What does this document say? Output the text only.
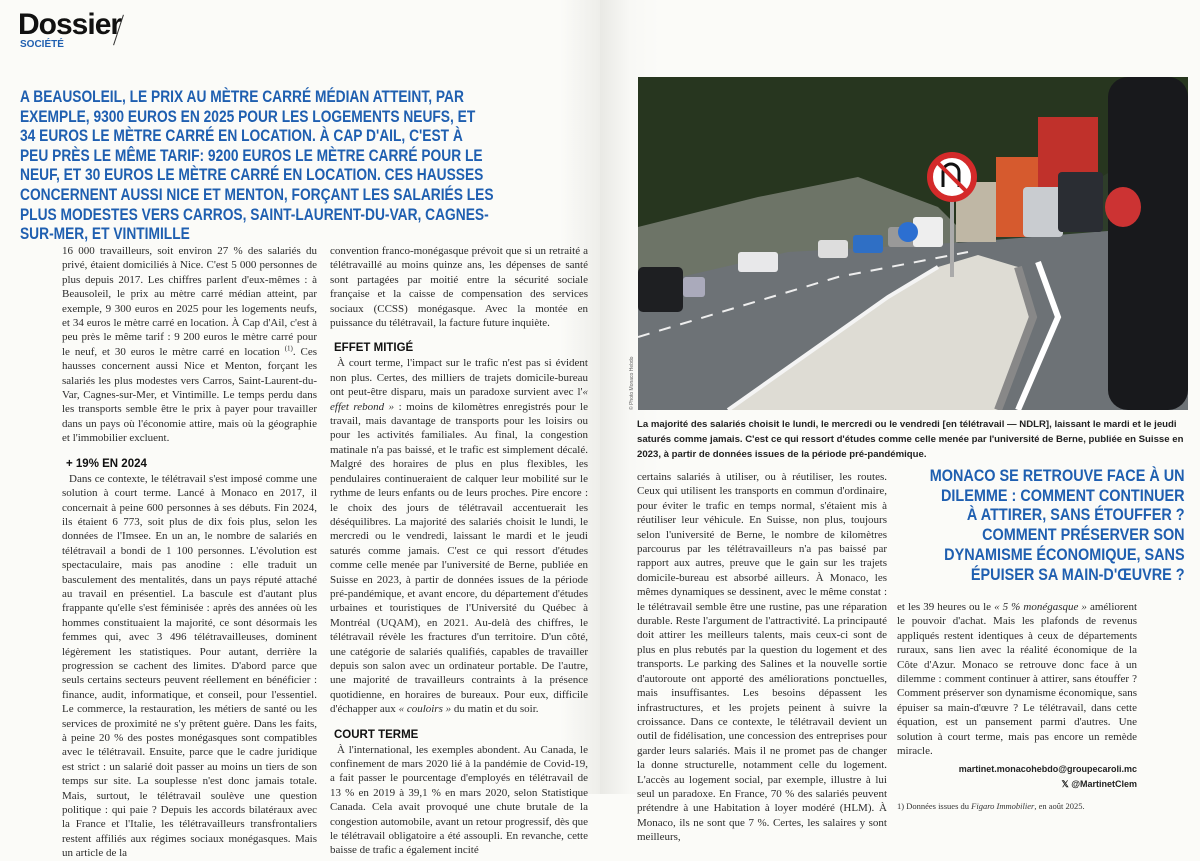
Dossier
SOCIÉTÉ
A BEAUSOLEIL, LE PRIX AU MÈTRE CARRÉ MÉDIAN ATTEINT, PAR
EXEMPLE, 9300 EUROS EN 2025 POUR LES LOGEMENTS NEUFS, ET
34 EUROS LE MÈTRE CARRÉ EN LOCATION. À CAP D'AIL, C'EST À
PEU PRÈS LE MÊME TARIF: 9200 EUROS LE MÈTRE CARRÉ POUR LE
NEUF, ET 30 EUROS LE MÈTRE CARRÉ EN LOCATION. CES HAUSSES
CONCERNENT AUSSI NICE ET MENTON, FORÇANT LES SALARIÉS LES
PLUS MODESTES VERS CARROS, SAINT-LAURENT-DU-VAR, CAGNES-
SUR-MER, ET VINTIMILLE

16 000 travailleurs, soit environ 27 % des salariés du privé, étaient domiciliés à Nice. C'est 5 000 personnes de plus depuis 2017. Les chiffres parlent d'eux-mêmes : à Beausoleil, le prix au mètre carré médian atteint, par exemple, 9 300 euros en 2025 pour les logements neufs, et 34 euros le mètre carré en location. À Cap d'Ail, c'est à peu près le même tarif : 9 200 euros le mètre carré pour le neuf, et 30 euros le mètre carré en location $^{(1)}$. Ces hausses concernent aussi Nice et Menton, forçant les salariés les plus modestes vers Carros, Saint-Laurent-du-Var, Cagnes-sur-Mer, et Vintimille. Le temps perdu dans les transports semble être le prix à payer pour travailler dans un pays où l'économie attire, mais où la géographie et l'immobilier excluent.

+ 19% EN 2024

Dans ce contexte, le télétravail s'est imposé comme une solution à court terme. Lancé à Monaco en 2017, il concernait à peine 600 personnes à ses débuts. Fin 2024, ils étaient 6 773, soit plus de dix fois plus, selon les données de l'Imsee. En un an, le nombre de salariés en télétravail a bondi de 1 100 personnes. L'évolution est spectaculaire, mais pas anodine : elle traduit un basculement des mentalités, dans un pays réputé attaché au travail en présentiel. La bascule est d'autant plus frappante qu'elle s'est féminisée : après des années où les hommes constituaient la majorité, ce sont désormais les femmes qui, avec 3 496 télétravailleuses, dominent légèrement les statistiques. Pour autant, derrière la progression se cachent des limites. D'abord parce que seuls certains secteurs peuvent réellement en bénéficier : finance, audit, informatique, et conseil, pour l'essentiel. Le commerce, la restauration, les métiers de santé ou les services de proximité ne s'y prêtent guère. Dans les faits, à peine 20 % des postes monégasques sont compatibles avec le télétravail. Ensuite, parce que le cadre juridique est strict : un salarié doit passer au moins un tiers de son temps sur site. La souplesse n'est donc jamais totale. Mais, surtout, le télétravail soulève une question politique : qui paie ? Depuis les accords bilatéraux avec la France et l'Italie, les télétravailleurs transfrontaliers restent affiliés aux régimes sociaux monégasques. Mais un article de la

convention franco-monégasque prévoit que si un retraité a télétravaillé au moins quinze ans, les dépenses de santé sont partagées par moitié entre la sécurité sociale française et la caisse de compensation des services sociaux (CCSS) monégasque. Avec la montée en puissance du télétravail, la facture future inquiète.

EFFET MITIGÉ

À court terme, l'impact sur le trafic n'est pas si évident non plus. Certes, des milliers de trajets domicile-bureau ont peut-être disparu, mais un paradoxe survient avec l'« effet rebond » : moins de kilomètres enregistrés pour le travail, mais davantage de transports pour les loisirs ou pour les activités familiales. Au final, la congestion matinale n'a pas baissé, et le trafic est simplement décalé. Malgré des horaires de plus en plus flexibles, les pendulaires continueraient de calquer leur mobilité sur le rythme de leurs enfants ou de leurs proches. Pire encore : le choix des jours de télétravail accentuerait les déséquilibres. La majorité des salariés choisit le lundi, le mercredi ou le vendredi, laissant le mardi et le jeudi saturés comme jamais. C'est ce qui ressort d'études comme celle menée par l'université de Berne, publiée en Suisse en 2023, à partir de données issues de la période pré-pandémique, et avant encore, du département d'études urbaines et touristiques de l'Université du Québec à Montréal (UQAM), en 2021. Au-delà des chiffres, le télétravail révèle les fractures d'un territoire. D'un côté, une catégorie de salariés qualifiés, capables de travailler depuis son salon avec un ordinateur portable. De l'autre, une majorité de travailleurs contraints à la présence quotidienne, en horaires de bureaux. Pour eux, difficile d'échapper aux « couloirs » du matin et du soir.

COURT TERME

À l'international, les exemples abondent. Au Canada, le confinement de mars 2020 lié à la pandémie de Covid-19, a fait passer le pourcentage d'employés en télétravail de 13 % en 2019 à 39,1 % en mars 2020, selon Statistique Canada. Cela avait provoqué une chute brutale de la congestion automobile, avant un retour progressif, dès que le télétravail obligatoire a été assoupli. En revanche, cette baisse de trafic a également incité

© Photo Monaco Hebdo
La majorité des salariés choisit le lundi, le mercredi ou le vendredi [en télétravail — NDLR], laissant le mardi et le jeudi saturés comme jamais. C'est ce qui ressort d'études comme celle menée par l'université de Berne, publiée en Suisse en 2023, à partir de données issues de la période pré-pandémique.

certains salariés à utiliser, ou à réutiliser, les routes. Ceux qui utilisent les transports en commun d'ordinaire, pour éviter le trafic en temps normal, s'étaient mis à réutiliser leur véhicule. En Suisse, non plus, toujours selon l'université de Berne, le nombre de kilomètres parcourus par les télétravailleurs n'a pas baissé par rapport aux autres, preuve que le gain sur les trajets domicile-bureau est absorbé ailleurs. À Monaco, les mêmes dynamiques se dessinent, avec le même constat : le télétravail semble être une rustine, pas une réparation durable. Reste l'argument de l'attractivité. La principauté doit attirer les meilleurs talents, mais ceux-ci sont de plus en plus rebutés par la question du logement et des transports. Le parking des Salines et la nouvelle sortie d'autoroute ont apporté des améliorations ponctuelles, mais insuffisantes. Les besoins dépassent les infrastructures, et les projets peinent à suivre la croissance. Dans ce contexte, le télétravail devient un outil de fidélisation, une concession des entreprises pour garder leurs salariés. Mais il ne promet pas de changer la donne structurelle, notamment celle du logement. L'accès au logement social, par exemple, illustre à lui seul un paradoxe. En France, 70 % des salariés peuvent prétendre à une Habitation à loyer modéré (HLM). À Monaco, ils ne sont que 7 %. Certes, les salaires y sont meilleurs,

MONACO SE RETROUVE FACE À UN
DILEMME : COMMENT CONTINUER
À ATTIRER, SANS ÉTOUFFER ?
COMMENT PRÉSERVER SON
DYNAMISME ÉCONOMIQUE, SANS
ÉPUISER SA MAIN-D'ŒUVRE ?

et les 39 heures ou le « 5 % monégasque » améliorent le pouvoir d'achat. Mais les plafonds de revenus appliqués restent identiques à ceux de départements ruraux, sans lien avec la réalité économique de la Côte d'Azur. Monaco se retrouve donc face à un dilemme : comment continuer à attirer, sans étouffer ? Comment préserver son dynamisme économique, sans épuiser sa main-d'œuvre ? Le télétravail, dans cette équation, est un pansement parmi d'autres. Une solution à court terme, mais pas encore un remède miracle.

martinet.monacohebdo@groupecaroli.mc
𝕏 @MartinetClem
1) Données issues du Figaro Immobilier, en août 2025.
